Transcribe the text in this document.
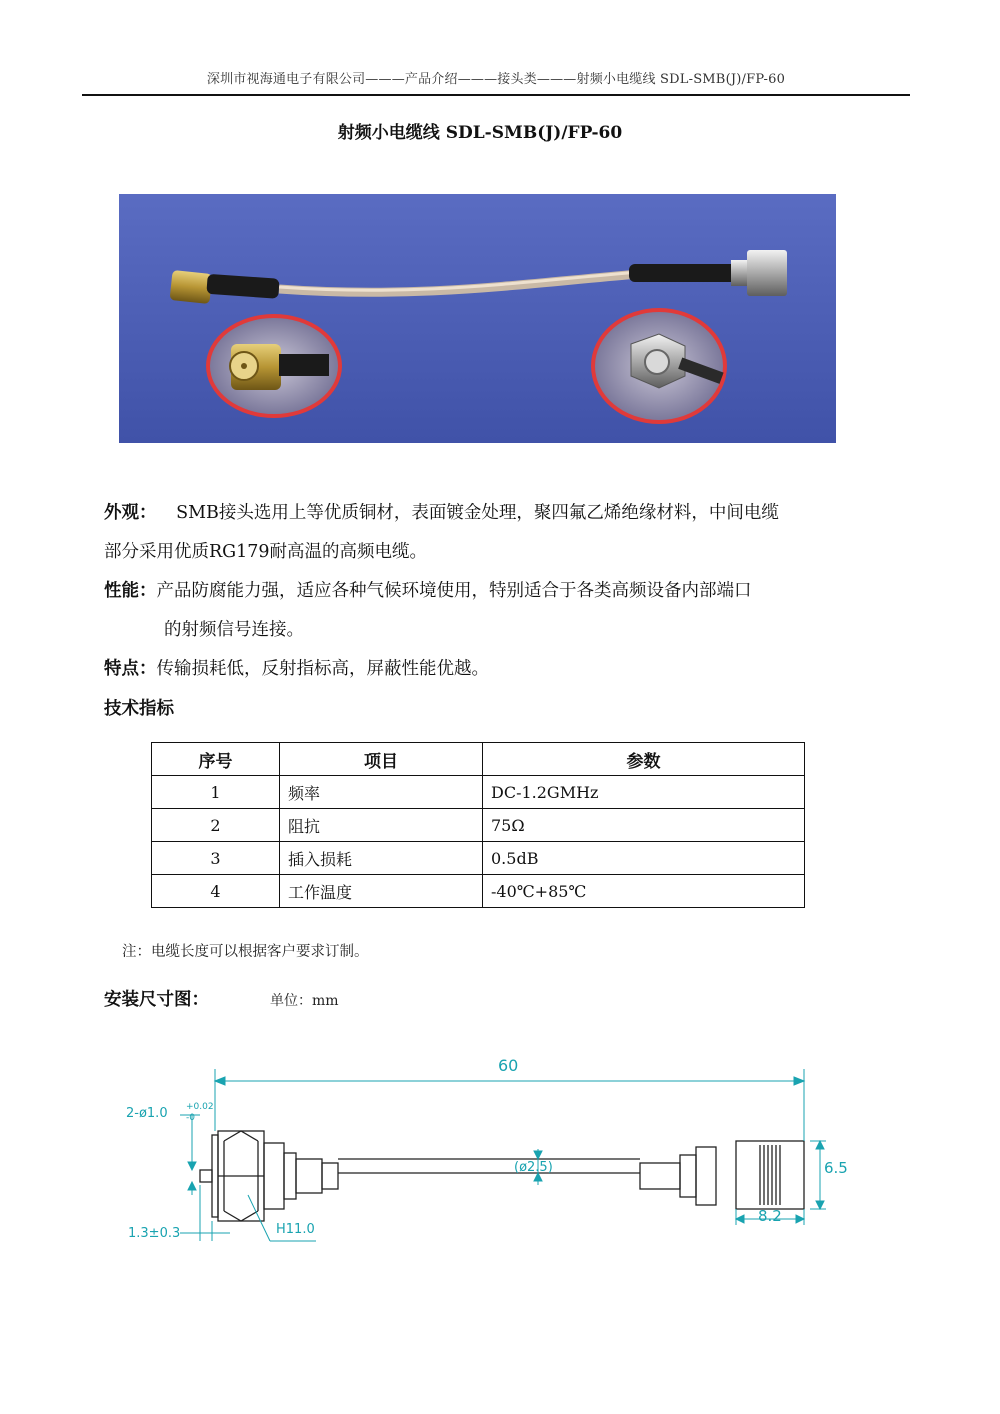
深圳市视海通电子有限公司———产品介绍———接头类———射频小电缆线 SDL-SMB(J)/FP-60
射频小电缆线 SDL-SMB(J)/FP-60
外观： SMB接头选用上等优质铜材，表面镀金处理，聚四氟乙烯绝缘材料，中间电缆
部分采用优质RG179耐高温的高频电缆。
性能：产品防腐能力强，适应各种气候环境使用，特别适合于各类高频设备内部端口
的射频信号连接。
特点：传输损耗低，反射指标高，屏蔽性能优越。
技术指标
序号	项目	参数
1	频率	DC-1.2GMHz
2	阻抗	75Ω
3	插入损耗	0.5dB
4	工作温度	-40℃+85℃
注：电缆长度可以根据客户要求订制。
安装尺寸图：	单位：mm
60
2-ø1.0 +0.02
-0
(ø2.5)
1.3±0.3	H11.0
6.5
8.2
